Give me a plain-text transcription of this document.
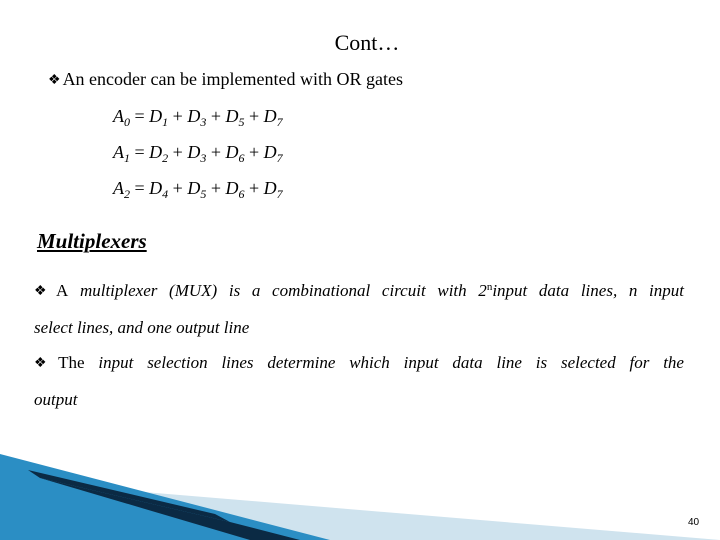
Cont…
❖ An encoder can be implemented with OR gates
$A_0 = D_1 + D_3 + D_5 + D_7$
$A_1 = D_2 + D_3 + D_6 + D_7$
$A_2 = D_4 + D_5 + D_6 + D_7$
Multiplexers
❖ A multiplexer (MUX) is a combinational circuit with 2$^n$input data lines, n input
select lines, and one output line
❖ The input selection lines determine which input data line is selected for the
output
40
